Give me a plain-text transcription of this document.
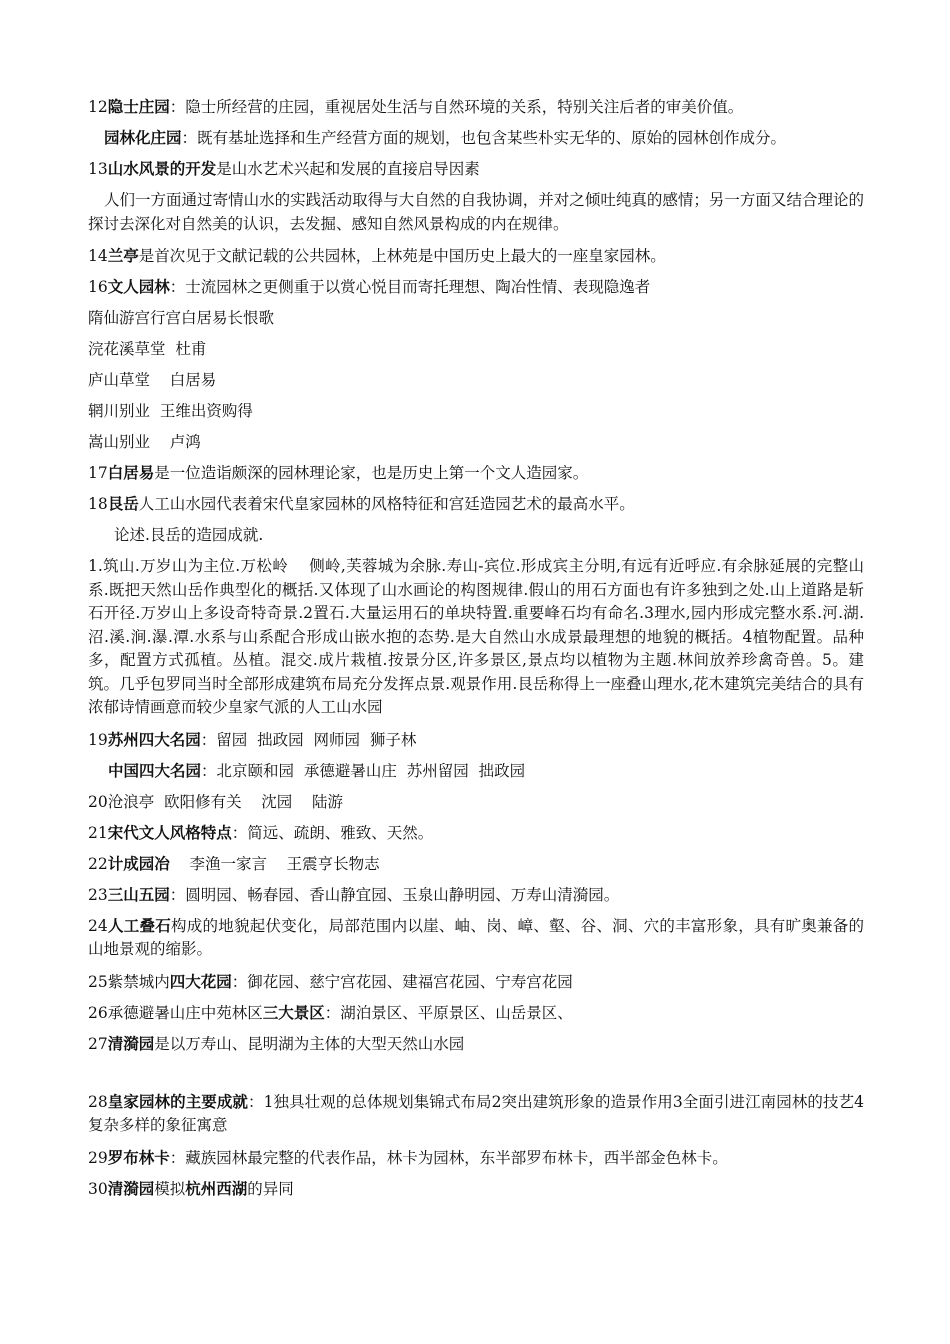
12隐士庄园：隐士所经营的庄园，重视居处生活与自然环境的关系，特别关注后者的审美价值。

园林化庄园：既有基址选择和生产经营方面的规划，也包含某些朴实无华的、原始的园林创作成分。

13山水风景的开发是山水艺术兴起和发展的直接启导因素

人们一方面通过寄情山水的实践活动取得与大自然的自我协调，并对之倾吐纯真的感情；另一方面又结合理论的探讨去深化对自然美的认识，去发掘、感知自然风景构成的内在规律。

14兰亭是首次见于文献记载的公共园林，上林苑是中国历史上最大的一座皇家园林。

16文人园林：士流园林之更侧重于以赏心悦目而寄托理想、陶冶性情、表现隐逸者

隋仙游宫行宫白居易长恨歌

浣花溪草堂  杜甫

庐山草堂    白居易

辋川别业  王维出资购得

嵩山别业    卢鸿

17白居易是一位造诣颇深的园林理论家，也是历史上第一个文人造园家。

18艮岳人工山水园代表着宋代皇家园林的风格特征和宫廷造园艺术的最高水平。

论述.艮岳的造园成就.

1.筑山.万岁山为主位.万松岭    侧岭,芙蓉城为余脉.寿山-宾位.形成宾主分明,有远有近呼应.有余脉延展的完整山系.既把天然山岳作典型化的概括.又体现了山水画论的构图规律.假山的用石方面也有许多独到之处.山上道路是斩石开径.万岁山上多设奇特奇景.2置石.大量运用石的单块特置.重要峰石均有命名.3理水,园内形成完整水系.河.湖.沼.溪.涧.瀑.潭.水系与山系配合形成山嵌水抱的态势.是大自然山水成景最理想的地貌的概括。4植物配置。品种多，配置方式孤植。丛植。混交.成片栽植.按景分区,许多景区,景点均以植物为主题.林间放养珍禽奇兽。5。建筑。几乎包罗同当时全部形成建筑布局充分发挥点景.观景作用.艮岳称得上一座叠山理水,花木建筑完美结合的具有浓郁诗情画意而较少皇家气派的人工山水园

19苏州四大名园：留园  拙政园  网师园  狮子林

中国四大名园：北京颐和园  承德避暑山庄  苏州留园  拙政园

20沧浪亭  欧阳修有关    沈园    陆游

21宋代文人风格特点：简远、疏朗、雅致、天然。

22计成园冶    李渔一家言    王震亨长物志

23三山五园：圆明园、畅春园、香山静宜园、玉泉山静明园、万寿山清漪园。

24人工叠石构成的地貌起伏变化，局部范围内以崖、岫、岗、嶂、壑、谷、洞、穴的丰富形象，具有旷奥兼备的山地景观的缩影。

25紫禁城内四大花园：御花园、慈宁宫花园、建福宫花园、宁寿宫花园

26承德避暑山庄中苑林区三大景区：湖泊景区、平原景区、山岳景区、

27清漪园是以万寿山、昆明湖为主体的大型天然山水园

28皇家园林的主要成就：1独具壮观的总体规划集锦式布局2突出建筑形象的造景作用3全面引进江南园林的技艺4复杂多样的象征寓意

29罗布林卡：藏族园林最完整的代表作品，林卡为园林，东半部罗布林卡，西半部金色林卡。

30清漪园模拟杭州西湖的异同
